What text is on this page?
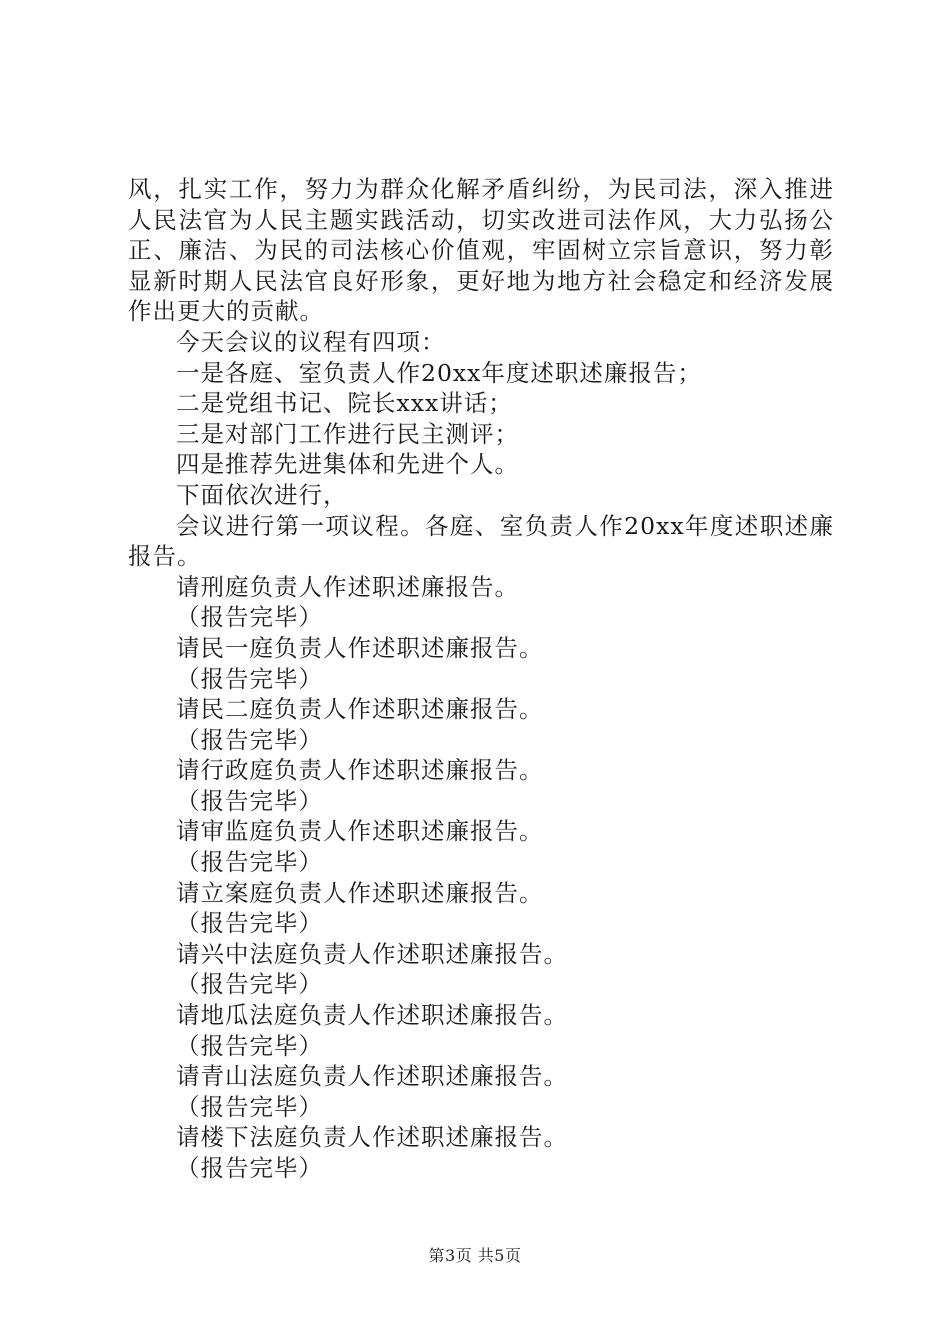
风，扎实工作，努力为群众化解矛盾纠纷，为民司法，深入推进人民法官为人民主题实践活动，切实改进司法作风，大力弘扬公正、廉洁、为民的司法核心价值观，牢固树立宗旨意识，努力彰显新时期人民法官良好形象，更好地为地方社会稳定和经济发展作出更大的贡献。

今天会议的议程有四项：

一是各庭、室负责人作20xx年度述职述廉报告；

二是党组书记、院长xxx讲话；

三是对部门工作进行民主测评；

四是推荐先进集体和先进个人。

下面依次进行，

会议进行第一项议程。各庭、室负责人作20xx年度述职述廉报告。

请刑庭负责人作述职述廉报告。

（报告完毕）

请民一庭负责人作述职述廉报告。

（报告完毕）

请民二庭负责人作述职述廉报告。

（报告完毕）

请行政庭负责人作述职述廉报告。

（报告完毕）

请审监庭负责人作述职述廉报告。

（报告完毕）

请立案庭负责人作述职述廉报告。

（报告完毕）

请兴中法庭负责人作述职述廉报告。

（报告完毕）

请地瓜法庭负责人作述职述廉报告。

（报告完毕）

请青山法庭负责人作述职述廉报告。

（报告完毕）

请楼下法庭负责人作述职述廉报告。

（报告完毕）

第3页 共5页
